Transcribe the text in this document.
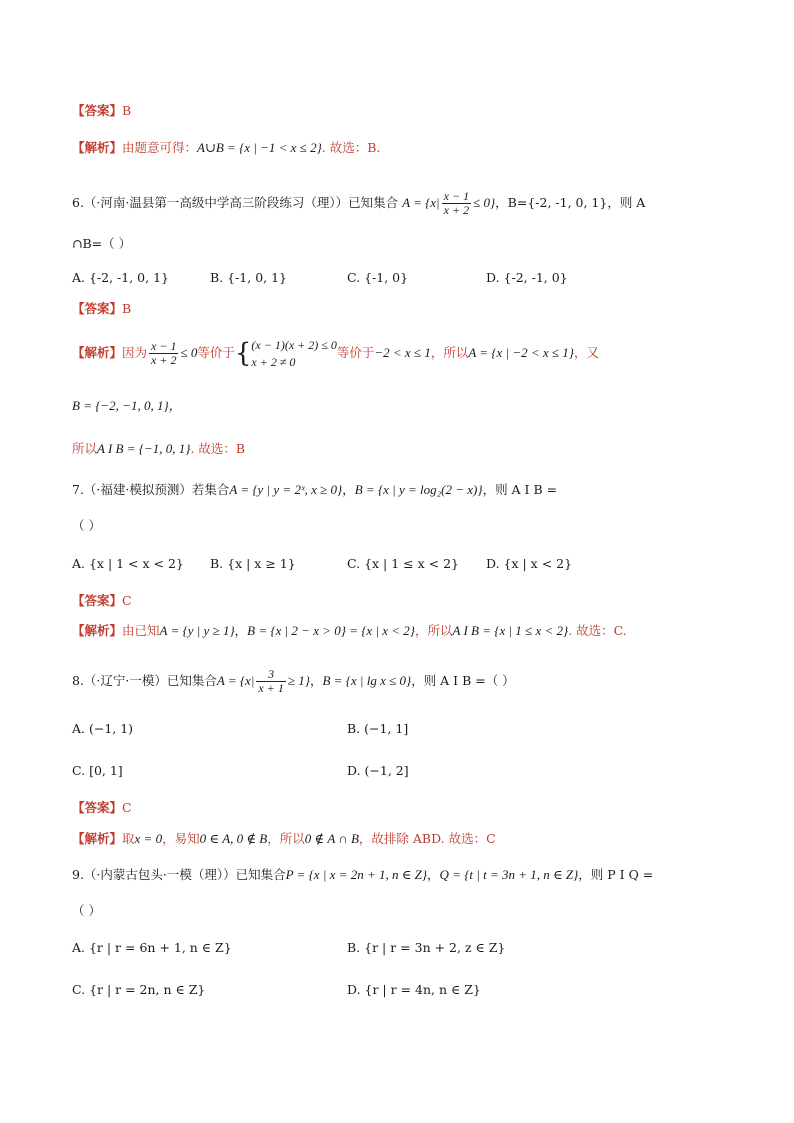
【答案】B
【解析】由题意可得：A∪B = {x | −1 < x ≤ 2}. 故选：B.
6.（·河南·温县第一高级中学高三阶段练习（理））已知集合 $A = \{x| \frac{x - 1}{x + 2} \le 0\}$，B={-2, -1, 0, 1}，则 A
∩B=（ ）
A. {-2, -1, 0, 1}	B. {-1, 0, 1}	C. {-1, 0}	D. {-2, -1, 0}
【答案】B
【解析】因为 $\frac{x - 1}{x + 2} \le 0$等价于{ (x − 1)(x + 2) ≤ 0
x + 2 ≠ 0
等价于−2 < x ≤ 1，所以A = {x | −2 < x ≤ 1}，又
B = {−2, −1, 0, 1}，
所以A I B = {−1, 0, 1}. 故选：B
7.（·福建·模拟预测）若集合A = {y | y = 2ˣ, x ≥ 0}，B = {x | y = log₂(2 − x)}，则 A I B =
（ ）
A. {x | 1 < x < 2} B. {x | x ≥ 1}	C. {x | 1 ≤ x < 2} D. {x | x < 2}
【答案】C
【解析】由已知A = {y | y ≥ 1}，B = {x | 2 − x > 0} = {x | x < 2}，所以A I B = {x | 1 ≤ x < 2}. 故选：C.
8.（·辽宁·一模）已知集合$A = \{x| \frac{3}{x + 1} \ge 1\}$，B = {x | lg x ≤ 0}，则 A I B =（ ）
A. (−1, 1)	B. (−1, 1]
C. [0, 1]	D. (−1, 2]
【答案】C
【解析】取x = 0，易知0 ∈ A, 0 ∉ B，所以0 ∉ A ∩ B，故排除 ABD. 故选：C
9.（·内蒙古包头·一模（理））已知集合P = {x | x = 2n + 1, n ∈ Z}，Q = {t | t = 3n + 1, n ∈ Z}，则 P I Q =
（ ）
A. {r | r = 6n + 1, n ∈ Z}	B. {r | r = 3n + 2, z ∈ Z}
C. {r | r = 2n, n ∈ Z}	D. {r | r = 4n, n ∈ Z}
